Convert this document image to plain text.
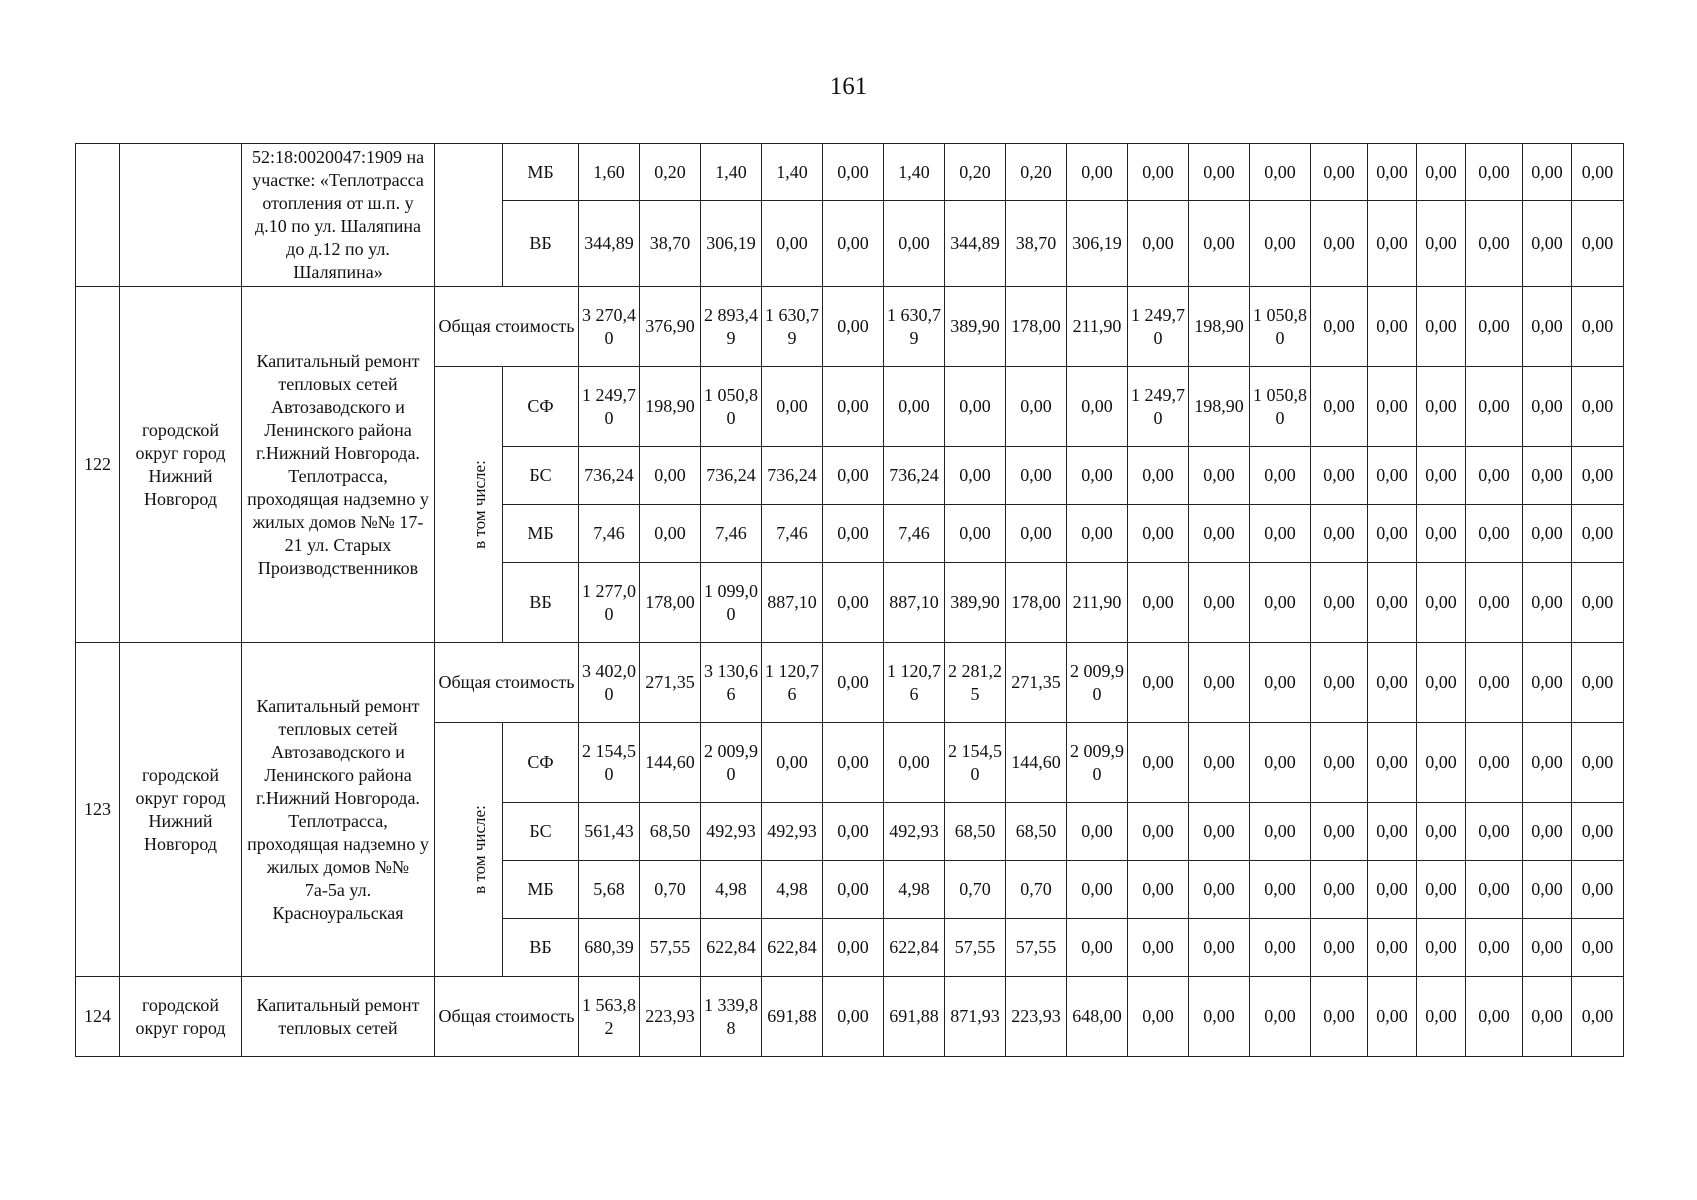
161
		52:18:0020047:1909 на участке: «Теплотрасса отопления от ш.п. у д.10 по ул. Шаляпина до д.12 по ул. Шаляпина»		МБ	1,60	0,20	1,40	1,40	0,00	1,40	0,20	0,20	0,00	0,00	0,00	0,00	0,00	0,00	0,00	0,00	0,00	0,00
				ВБ	344,89	38,70	306,19	0,00	0,00	0,00	344,89	38,70	306,19	0,00	0,00	0,00	0,00	0,00	0,00	0,00	0,00	0,00
122	городской округ город Нижний Новгород	Капитальный ремонт тепловых сетей Автозаводского и Ленинского района г.Нижний Новгорода. Теплотрасса, проходящая надземно у жилых домов №№ 17-21 ул. Старых Производственников	Общая стоимость		3 270,40	376,90	2 893,49	1 630,79	0,00	1 630,79	389,90	178,00	211,90	1 249,70	198,90	1 050,80	0,00	0,00	0,00	0,00	0,00	0,00
			в том числе:	СФ	1 249,70	198,90	1 050,80	0,00	0,00	0,00	0,00	0,00	0,00	1 249,70	198,90	1 050,80	0,00	0,00	0,00	0,00	0,00	0,00
				БС	736,24	0,00	736,24	736,24	0,00	736,24	0,00	0,00	0,00	0,00	0,00	0,00	0,00	0,00	0,00	0,00	0,00	0,00
				МБ	7,46	0,00	7,46	7,46	0,00	7,46	0,00	0,00	0,00	0,00	0,00	0,00	0,00	0,00	0,00	0,00	0,00	0,00
				ВБ	1 277,00	178,00	1 099,00	887,10	0,00	887,10	389,90	178,00	211,90	0,00	0,00	0,00	0,00	0,00	0,00	0,00	0,00	0,00
123	городской округ город Нижний Новгород	Капитальный ремонт тепловых сетей Автозаводского и Ленинского района г.Нижний Новгорода. Теплотрасса, проходящая надземно у жилых домов №№ 7а-5а ул. Красноуральская	Общая стоимость		3 402,00	271,35	3 130,66	1 120,76	0,00	1 120,76	2 281,25	271,35	2 009,90	0,00	0,00	0,00	0,00	0,00	0,00	0,00	0,00	0,00
			в том числе:	СФ	2 154,50	144,60	2 009,90	0,00	0,00	0,00	2 154,50	144,60	2 009,90	0,00	0,00	0,00	0,00	0,00	0,00	0,00	0,00	0,00
				БС	561,43	68,50	492,93	492,93	0,00	492,93	68,50	68,50	0,00	0,00	0,00	0,00	0,00	0,00	0,00	0,00	0,00	0,00
				МБ	5,68	0,70	4,98	4,98	0,00	4,98	0,70	0,70	0,00	0,00	0,00	0,00	0,00	0,00	0,00	0,00	0,00	0,00
				ВБ	680,39	57,55	622,84	622,84	0,00	622,84	57,55	57,55	0,00	0,00	0,00	0,00	0,00	0,00	0,00	0,00	0,00	0,00
124	городской округ город	Капитальный ремонт тепловых сетей	Общая стоимость		1 563,82	223,93	1 339,88	691,88	0,00	691,88	871,93	223,93	648,00	0,00	0,00	0,00	0,00	0,00	0,00	0,00	0,00	0,00
